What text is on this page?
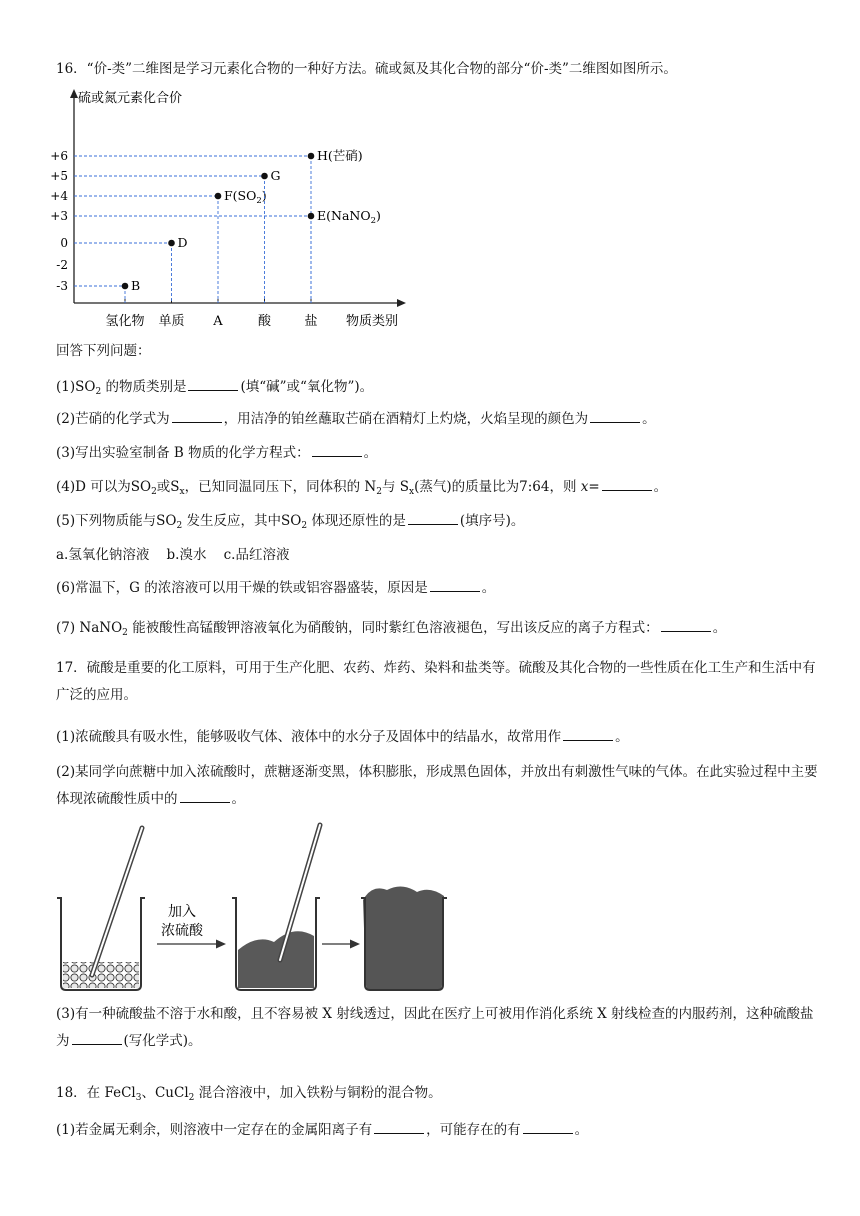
16．“价-类”二维图是学习元素化合物的一种好方法。硫或氮及其化合物的部分“价-类”二维图如图所示。
硫或氮元素化合价
物质类别
+6
+5
+4
+3
0
-2
-3
氢化物 单质 A	酸	盐
B
D
$F(SO_2)$
G
H(芒硝)
E(NaNO$_2$)
回答下列问题：
$(1)SO_2$ 的物质类别是	(填“碱”或“氧化物”)。
(2)芒硝的化学式为	，用洁净的铂丝蘸取芒硝在酒精灯上灼烧，火焰呈现的颜色为	。
(3)写出实验室制备 B 物质的化学方程式：	。
(4)D 可以为$SO_2$或$S_x$，已知同温同压下，同体积的 $N_2$与 $S_x$(蒸气)的质量比为7:64，则 x=	。
(5)下列物质能与$SO_2$ 发生反应，其中$SO_2$ 体现还原性的是	(填序号)。
a.氢氧化钠溶液    b.溴水    c.品红溶液
(6)常温下，G 的浓溶液可以用干燥的铁或铝容器盛装，原因是	。
(7) NaNO$_2$ 能被酸性高锰酸钾溶液氧化为硝酸钠，同时紫红色溶液褪色，写出该反应的离子方程式：	。
17．硫酸是重要的化工原料，可用于生产化肥、农药、炸药、染料和盐类等。硫酸及其化合物的一些性质在化工生产和生活中有广泛的应用。
(1)浓硫酸具有吸水性，能够吸收气体、液体中的水分子及固体中的结晶水，故常用作	。
(2)某同学向蔗糖中加入浓硫酸时，蔗糖逐渐变黑，体积膨胀，形成黑色固体，并放出有刺激性气味的气体。在此实验过程中主要体现浓硫酸性质中的	。
加入
浓硫酸
(3)有一种硫酸盐不溶于水和酸，且不容易被 X 射线透过，因此在医疗上可被用作消化系统 X 射线检查的内服药剂，这种硫酸盐为	(写化学式)。
18．在 FeCl$_3$、CuCl$_2$ 混合溶液中，加入铁粉与铜粉的混合物。
(1)若金属无剩余，则溶液中一定存在的金属阳离子有	，可能存在的有	。
